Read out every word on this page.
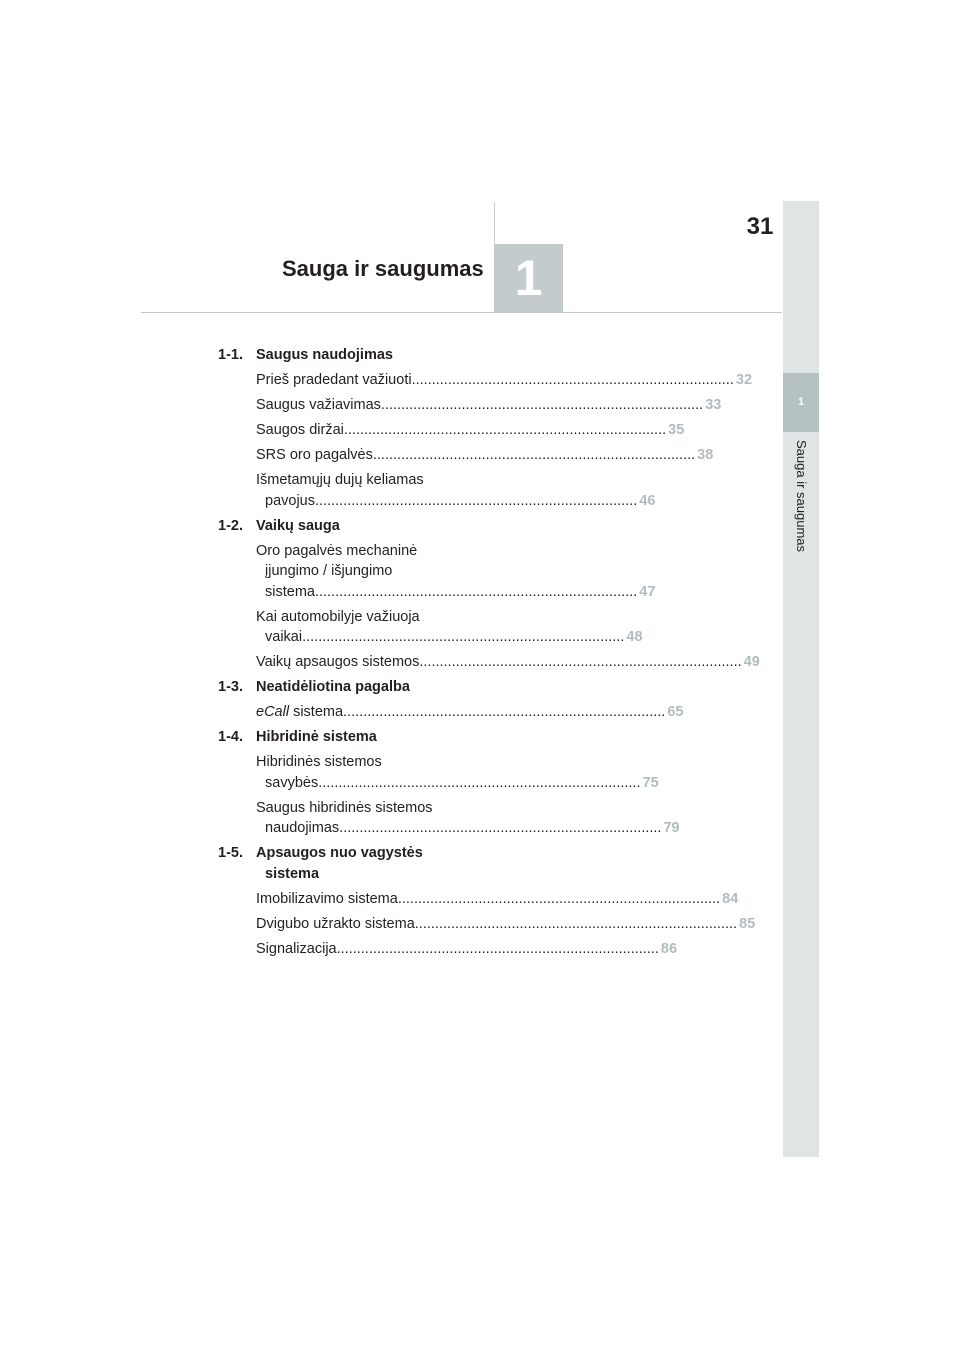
31
Sauga ir saugumas 1
1
Sauga ir saugumas
1-1. Saugus naudojimas
Prieš pradedant važiuoti ................................................................................ 32
Saugus važiavimas ................................................................................ 33
Saugos diržai ................................................................................ 35
SRS oro pagalvės ................................................................................ 38
Išmetamųjų dujų keliamas
pavojus ................................................................................ 46
1-2. Vaikų sauga
Oro pagalvės mechaninė
įjungimo / išjungimo
sistema ................................................................................ 47
Kai automobilyje važiuoja
vaikai ................................................................................ 48
Vaikų apsaugos sistemos ................................................................................ 49
1-3. Neatidėliotina pagalba
eCall sistema ................................................................................ 65
1-4. Hibridinė sistema
Hibridinės sistemos
savybės ................................................................................ 75
Saugus hibridinės sistemos
naudojimas ................................................................................ 79
1-5. Apsaugos nuo vagystės
sistema
Imobilizavimo sistema ................................................................................ 84
Dvigubo užrakto sistema ................................................................................ 85
Signalizacija ................................................................................ 86
